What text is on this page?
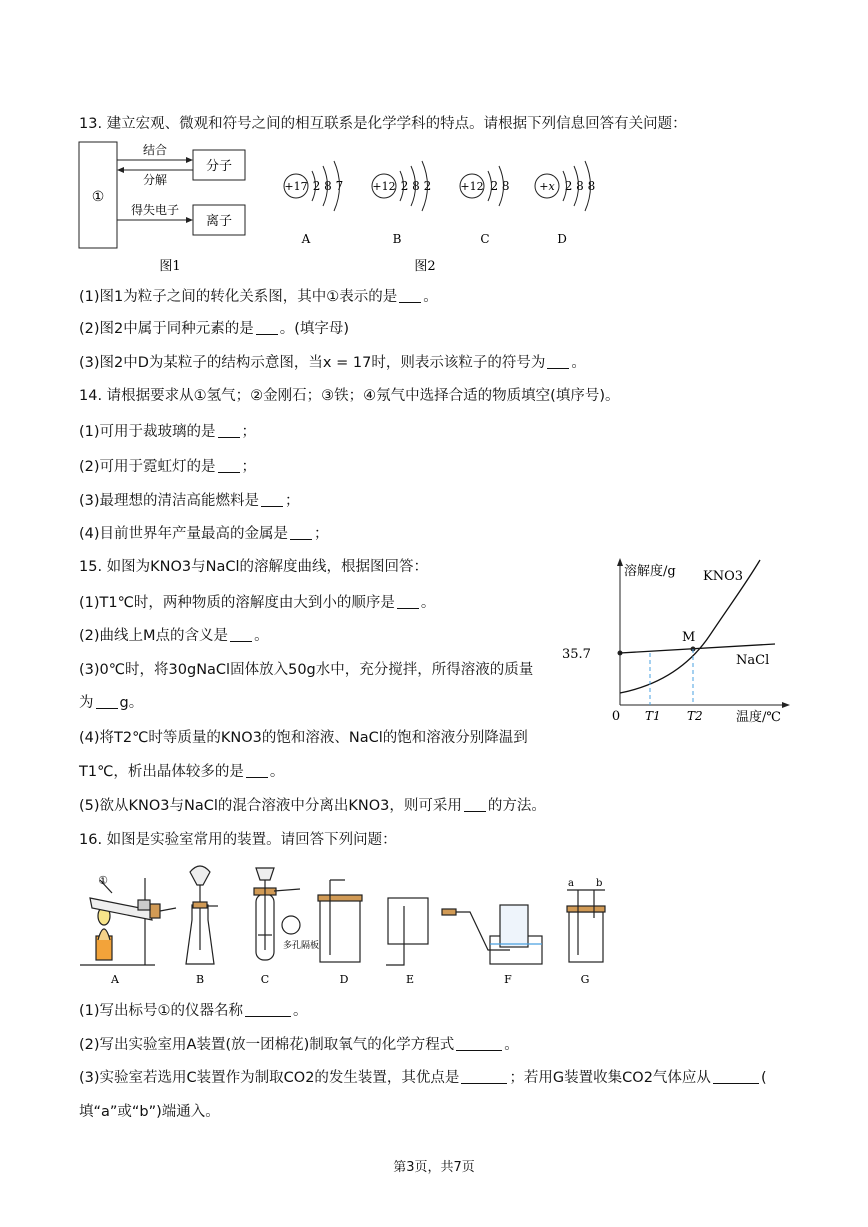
13. 建立宏观、微观和符号之间的相互联系是化学学科的特点。请根据下列信息回答有关问题：
①
分子
离子
结合
分解
得失电子
图1
+17 2 8 7
A
+12 2 8 2
B
+12 2 8
C
+x 2 8 8
D
图2
(1)图1为粒子之间的转化关系图，其中①表示的是 。
(2)图2中属于同种元素的是 。(填字母)
(3)图2中D为某粒子的结构示意图，当x = 17时，则表示该粒子的符号为 。
14. 请根据要求从①氢气；②金刚石；③铁；④氖气中选择合适的物质填空(填序号)。
(1)可用于裁玻璃的是 ；
(2)可用于霓虹灯的是 ；
(3)最理想的清洁高能燃料是 ；
(4)目前世界年产量最高的金属是 ；
15. 如图为KNO3与NaCl的溶解度曲线，根据图回答：
(1)T1℃时，两种物质的溶解度由大到小的顺序是 。
(2)曲线上M点的含义是 。
(3)0℃时，将30gNaCl固体放入50g水中，充分搅拌，所得溶液的质量
为 g。
(4)将T2℃时等质量的KNO3的饱和溶液、NaCl的饱和溶液分别降温到
T1℃，析出晶体较多的是 。
(5)欲从KNO3与NaCl的混合溶液中分离出KNO3，则可采用 的方法。
溶解度/g
温度/℃
0
35.7
M
KNO3
NaCl
T1 T2
16. 如图是实验室常用的装置。请回答下列问题：
①
A	B
多孔隔板
C	D	E	F
a b
G
(1)写出标号①的仪器名称	。
(2)写出实验室用A装置(放一团棉花)制取氧气的化学方程式	。
(3)实验室若选用C装置作为制取CO2的发生装置，其优点是	；若用G装置收集CO2气体应从	(
填“a”或“b”)端通入。
第3页，共7页
